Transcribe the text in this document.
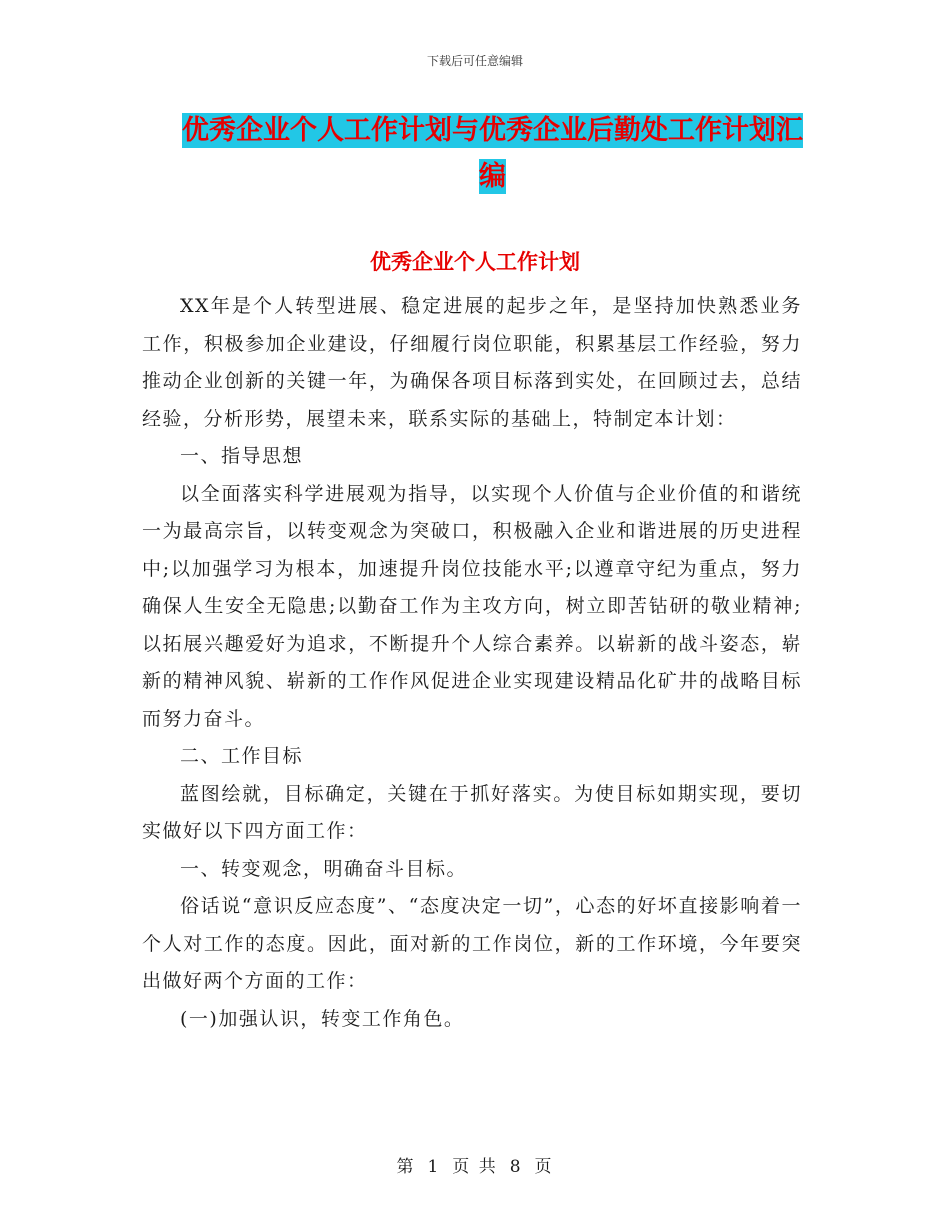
下载后可任意编辑
优秀企业个人工作计划与优秀企业后勤处工作计划汇编
优秀企业个人工作计划

XX年是个人转型进展、稳定进展的起步之年，是坚持加快熟悉业务工作，积极参加企业建设，仔细履行岗位职能，积累基层工作经验，努力推动企业创新的关键一年，为确保各项目标落到实处，在回顾过去，总结经验，分析形势，展望未来，联系实际的基础上，特制定本计划：

一、指导思想

以全面落实科学进展观为指导，以实现个人价值与企业价值的和谐统一为最高宗旨，以转变观念为突破口，积极融入企业和谐进展的历史进程中;以加强学习为根本，加速提升岗位技能水平;以遵章守纪为重点，努力确保人生安全无隐患;以勤奋工作为主攻方向，树立即苦钻研的敬业精神;以拓展兴趣爱好为追求，不断提升个人综合素养。以崭新的战斗姿态，崭新的精神风貌、崭新的工作作风促进企业实现建设精品化矿井的战略目标而努力奋斗。

二、工作目标

蓝图绘就，目标确定，关键在于抓好落实。为使目标如期实现，要切实做好以下四方面工作：

一、转变观念，明确奋斗目标。

俗话说“意识反应态度”、“态度决定一切”，心态的好坏直接影响着一个人对工作的态度。因此，面对新的工作岗位，新的工作环境，今年要突出做好两个方面的工作：

(一)加强认识，转变工作角色。

第 1 页 共 8 页
